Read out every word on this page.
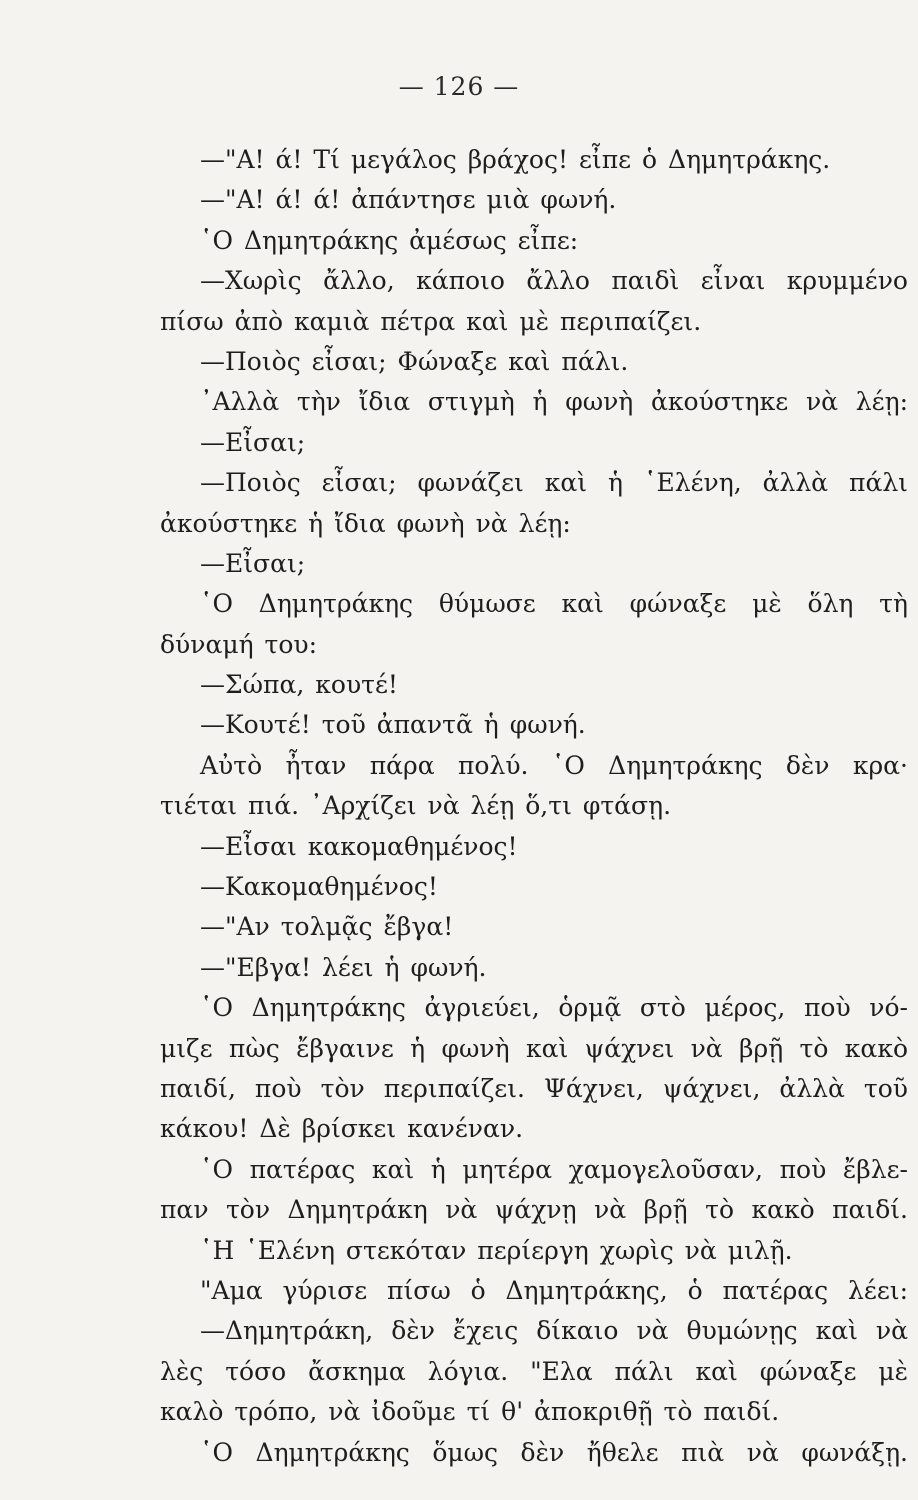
— 126 —
—"Α! ά! Τί μεγάλος βράχος! εἶπε ὁ Δημητράκης.
—"Α! ά! ά! ἀπάντησε μιὰ φωνή.
῾Ο Δημητράκης ἀμέσως εἶπε:
—Χωρὶς ἄλλο, κάποιο ἄλλο παιδὶ εἶναι κρυμμένο
πίσω ἀπὸ καμιὰ πέτρα καὶ μὲ περιπαίζει.
—Ποιὸς εἶσαι; Φώναξε καὶ πάλι.
᾿Αλλὰ τὴν ἴδια στιγμὴ ἡ φωνὴ ἀκούστηκε νὰ λέῃ:
—Εἶσαι;
—Ποιὸς εἶσαι; φωνάζει καὶ ἡ ῾Ελένη, ἀλλὰ πάλι
ἀκούστηκε ἡ ἴδια φωνὴ νὰ λέῃ:
—Εἶσαι;
῾Ο Δημητράκης θύμωσε καὶ φώναξε μὲ ὅλη τὴ
δύναμή του:
—Σώπα, κουτέ!
—Κουτέ! τοῦ ἀπαντᾶ ἡ φωνή.
Αὐτὸ ἦταν πάρα πολύ. ῾Ο Δημητράκης δὲν κρα·
τιέται πιά. ᾿Αρχίζει νὰ λέῃ ὅ,τι φτάσῃ.
—Εἶσαι κακομαθημένος!
—Κακομαθημένος!
—"Αν τολμᾷς ἔβγα!
—"Εβγα! λέει ἡ φωνή.
῾Ο Δημητράκης ἀγριεύει, ὁρμᾷ στὸ μέρος, ποὺ νό-
μιζε πὼς ἔβγαινε ἡ φωνὴ καὶ ψάχνει νὰ βρῇ τὸ κακὸ
παιδί, ποὺ τὸν περιπαίζει. Ψάχνει, ψάχνει, ἀλλὰ τοῦ
κάκου! Δὲ βρίσκει κανέναν.
῾Ο πατέρας καὶ ἡ μητέρα χαμογελοῦσαν, ποὺ ἔβλε-
παν τὸν Δημητράκη νὰ ψάχνῃ νὰ βρῇ τὸ κακὸ παιδί.
῾Η ῾Ελένη στεκόταν περίεργη χωρὶς νὰ μιλῇ.
"Αμα γύρισε πίσω ὁ Δημητράκης, ὁ πατέρας λέει:
—Δημητράκη, δὲν ἔχεις δίκαιο νὰ θυμώνῃς καὶ νὰ
λὲς τόσο ἄσκημα λόγια. "Ελα πάλι καὶ φώναξε μὲ
καλὸ τρόπο, νὰ ἰδοῦμε τί θ' ἀποκριθῇ τὸ παιδί.
῾Ο Δημητράκης ὅμως δὲν ἤθελε πιὰ νὰ φωνάξῃ.
